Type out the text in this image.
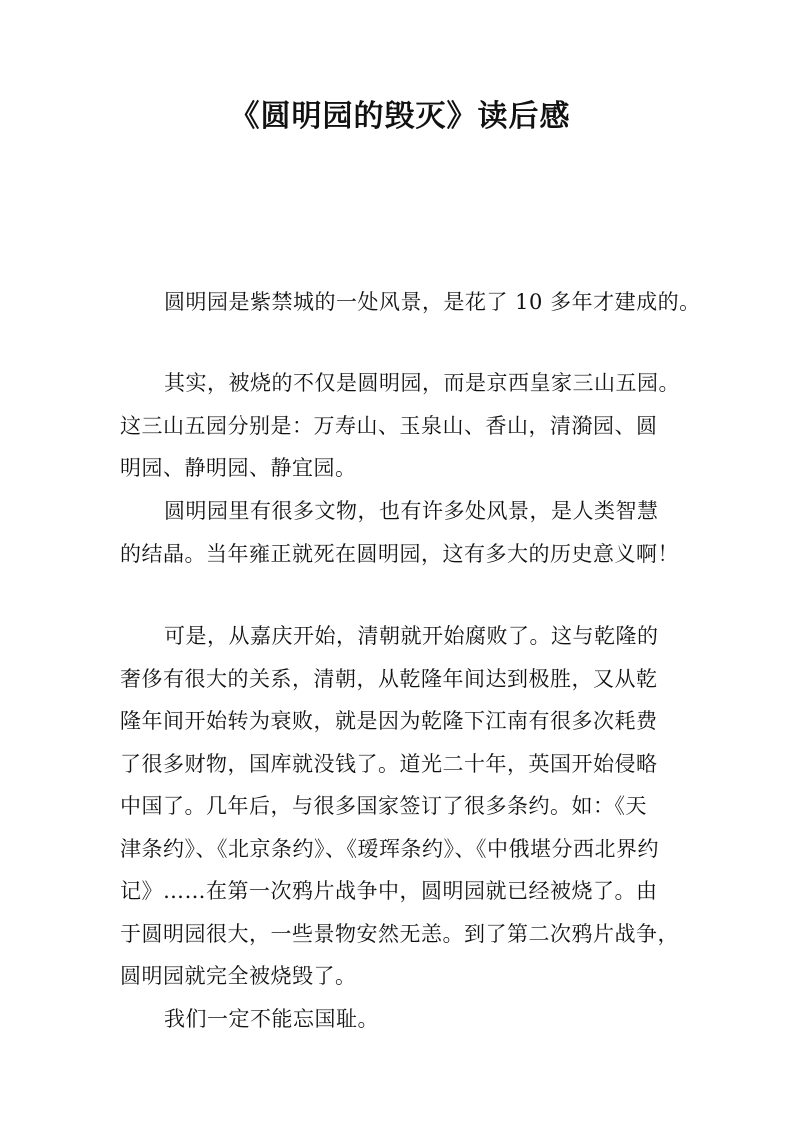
《圆明园的毁灭》读后感
圆明园是紫禁城的一处风景，是花了 10 多年才建成的。
其实，被烧的不仅是圆明园，而是京西皇家三山五园。
这三山五园分别是：万寿山、玉泉山、香山，清漪园、圆
明园、静明园、静宜园。
圆明园里有很多文物，也有许多处风景，是人类智慧
的结晶。当年雍正就死在圆明园，这有多大的历史意义啊！
可是，从嘉庆开始，清朝就开始腐败了。这与乾隆的
奢侈有很大的关系，清朝，从乾隆年间达到极胜，又从乾
隆年间开始转为衰败，就是因为乾隆下江南有很多次耗费
了很多财物，国库就没钱了。道光二十年，英国开始侵略
中国了。几年后，与很多国家签订了很多条约。如：《天
津条约》、《北京条约》、《瑷珲条约》、《中俄堪分西北界约
记》……在第一次鸦片战争中，圆明园就已经被烧了。由
于圆明园很大，一些景物安然无恙。到了第二次鸦片战争，
圆明园就完全被烧毁了。
我们一定不能忘国耻。
